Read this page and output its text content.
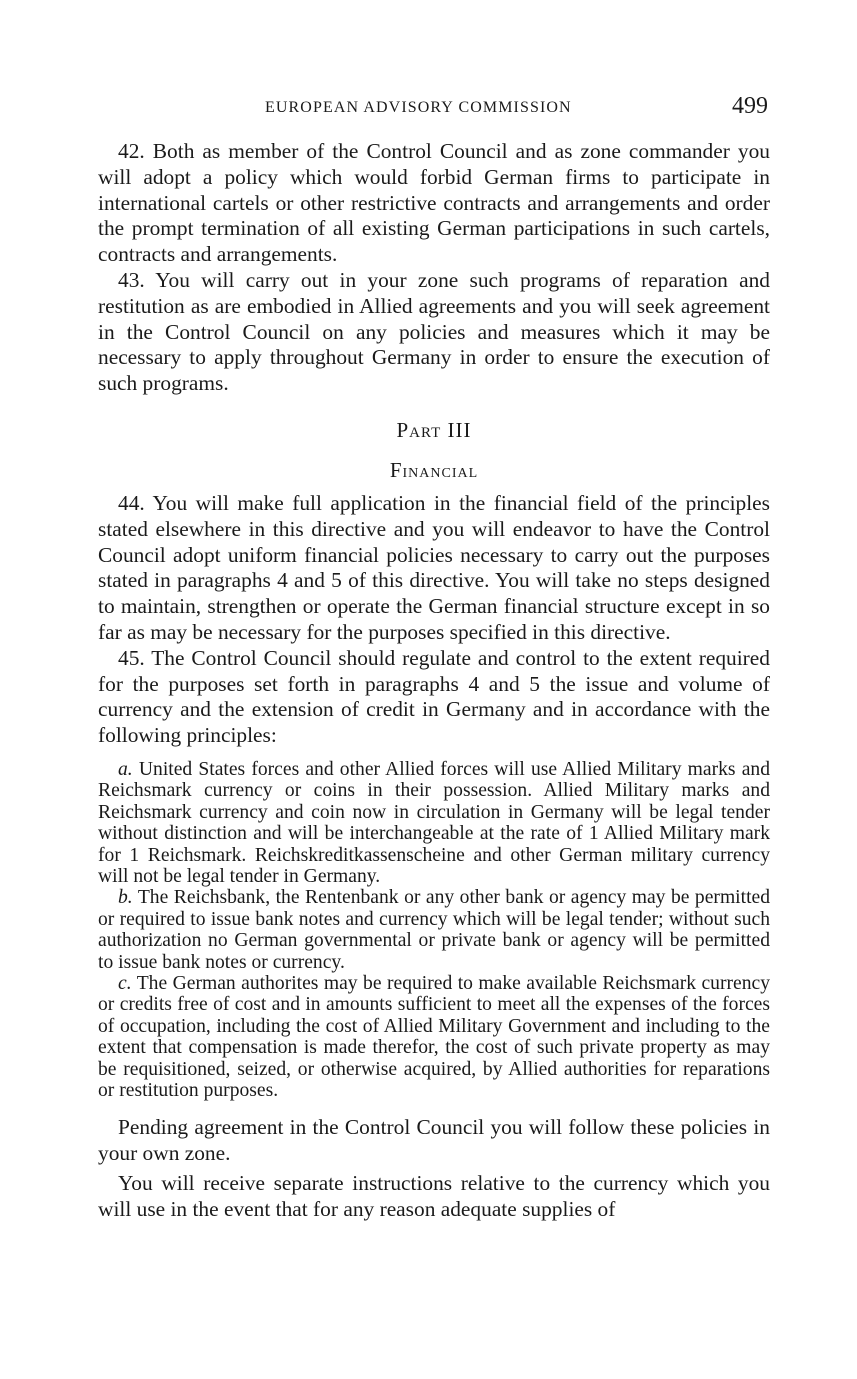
EUROPEAN ADVISORY COMMISSION	499

42. Both as member of the Control Council and as zone commander you will adopt a policy which would forbid German firms to participate in international cartels or other restrictive contracts and arrangements and order the prompt termination of all existing German participations in such cartels, contracts and arrangements.

43. You will carry out in your zone such programs of reparation and restitution as are embodied in Allied agreements and you will seek agreement in the Control Council on any policies and measures which it may be necessary to apply throughout Germany in order to ensure the execution of such programs.

PART III
FINANCIAL

44. You will make full application in the financial field of the principles stated elsewhere in this directive and you will endeavor to have the Control Council adopt uniform financial policies necessary to carry out the purposes stated in paragraphs 4 and 5 of this directive. You will take no steps designed to maintain, strengthen or operate the German financial structure except in so far as may be necessary for the purposes specified in this directive.

45. The Control Council should regulate and control to the extent required for the purposes set forth in paragraphs 4 and 5 the issue and volume of currency and the extension of credit in Germany and in accordance with the following principles:

a. United States forces and other Allied forces will use Allied Military marks and Reichsmark currency or coins in their possession. Allied Military marks and Reichsmark currency and coin now in circulation in Germany will be legal tender without distinction and will be interchangeable at the rate of 1 Allied Military mark for 1 Reichsmark. Reichskreditkassenscheine and other German military currency will not be legal tender in Germany.

b. The Reichsbank, the Rentenbank or any other bank or agency may be permitted or required to issue bank notes and currency which will be legal tender; without such authorization no German governmental or private bank or agency will be permitted to issue bank notes or currency.

c. The German authorites may be required to make available Reichsmark currency or credits free of cost and in amounts sufficient to meet all the expenses of the forces of occupation, including the cost of Allied Military Government and including to the extent that compensation is made therefor, the cost of such private property as may be requisitioned, seized, or otherwise acquired, by Allied authorities for reparations or restitution purposes.

Pending agreement in the Control Council you will follow these policies in your own zone.

You will receive separate instructions relative to the currency which you will use in the event that for any reason adequate supplies of
